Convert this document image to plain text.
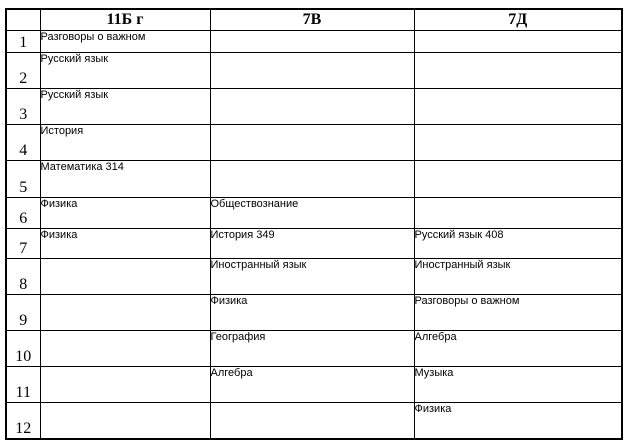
	11Б г	7В	7Д
1	Разговоры о важном		
2	Русский язык		
3	Русский язык		
4	История		
5	Математика 314		
6	Физика	Обществознание	
7	Физика	История 349	Русский язык 408
8		Иностранный язык	Иностранный язык
9		Физика	Разговоры о важном
10		География	Алгебра
11		Алгебра	Музыка
12			Физика
